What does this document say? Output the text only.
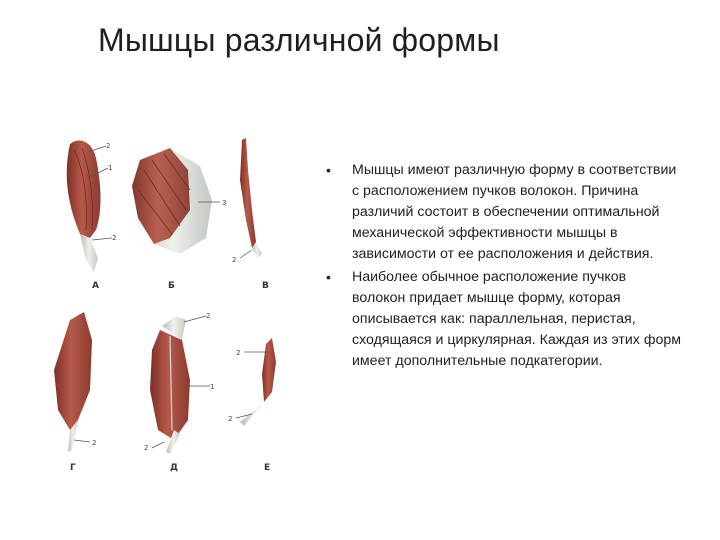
Мышцы различной формы
2
1
2
А
3
Б
2
В
2
Г
2
1
2
Д
2
2
Е
• Мышцы имеют различную форму в соответствии с расположением пучков волокон. Причина различий состоит в обеспечении оптимальной механической эффективности мышцы в зависимости от ее расположения и действия.
• Наиболее обычное расположение пучков волокон придает мышце форму, которая описывается как: параллельная, перистая, сходящаяся и циркулярная. Каждая из этих форм имеет дополнительные подкатегории.
